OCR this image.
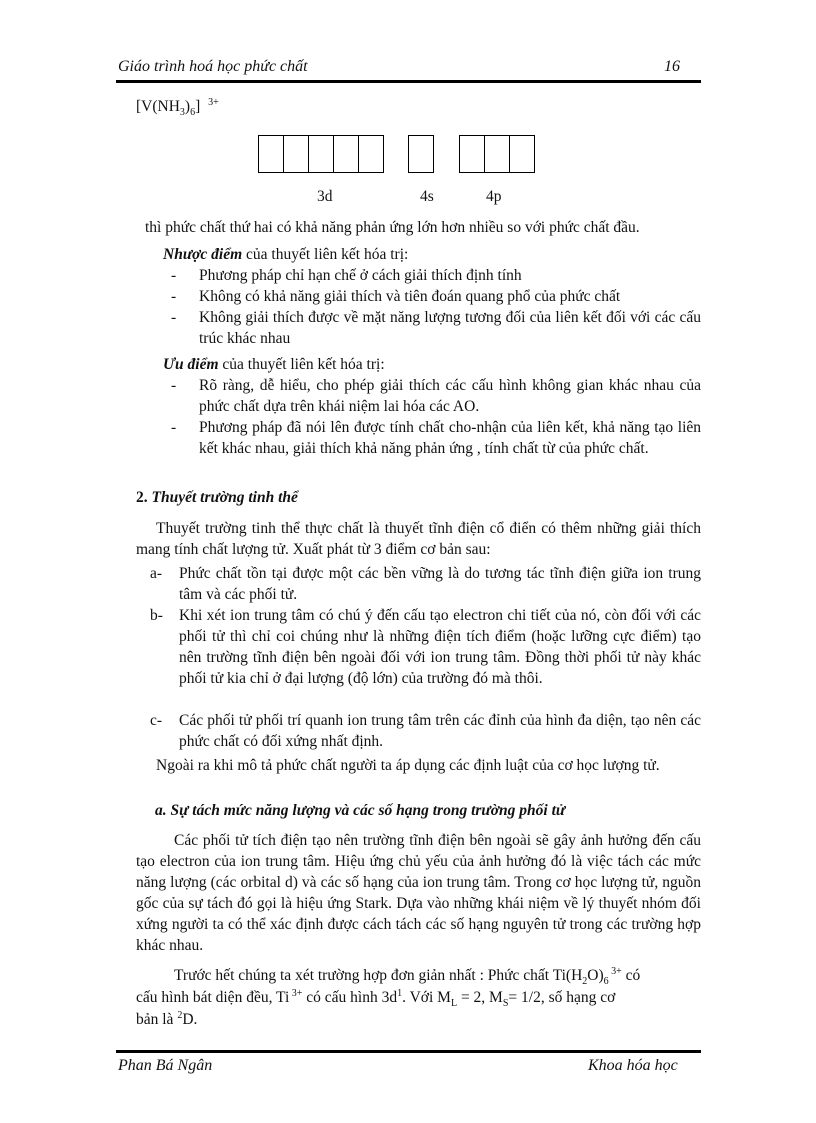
Giáo trình hoá học phức chất	16
$[V(NH_3)_6]$ $^{3+}$
3d	4s	4p
thì phức chất thứ hai có khả năng phản ứng lớn hơn nhiều so với phức chất đầu.
Nhược điểm của thuyết liên kết hóa trị:
- Phương pháp chỉ hạn chế ở cách giải thích định tính
- Không có khả năng giải thích và tiên đoán quang phổ của phức chất
- Không giải thích được về mặt năng lượng tương đối của liên kết đối với các cấu trúc khác nhau
Ưu điểm của thuyết liên kết hóa trị:
- Rõ ràng, dễ hiểu, cho phép giải thích các cấu hình không gian khác nhau của phức chất dựa trên khái niệm lai hóa các AO.
- Phương pháp đã nói lên được tính chất cho-nhận của liên kết, khả năng tạo liên kết khác nhau, giải thích khả năng phản ứng , tính chất từ của phức chất.
2. Thuyết trường tinh thể
Thuyết trường tinh thể thực chất là thuyết tĩnh điện cổ điển có thêm những giải thích mang tính chất lượng tử. Xuất phát từ 3 điểm cơ bản sau:
a- Phức chất tồn tại được một các bền vững là do tương tác tĩnh điện giữa ion trung tâm và các phối tử.
b- Khi xét ion trung tâm có chú ý đến cấu tạo electron chi tiết của nó, còn đối với các phối tử thì chỉ coi chúng như là những điện tích điểm (hoặc lưỡng cực điểm) tạo nên trường tĩnh điện bên ngoài đối với ion trung tâm. Đồng thời phối tử này khác phối tử kia chỉ ở đại lượng (độ lớn) của trường đó mà thôi.
c- Các phối tử phối trí quanh ion trung tâm trên các đỉnh của hình đa diện, tạo nên các phức chất có đối xứng nhất định.
Ngoài ra khi mô tả phức chất người ta áp dụng các định luật của cơ học lượng tử.
a. Sự tách mức năng lượng và các số hạng trong trường phối tử
Các phối tử tích điện tạo nên trường tĩnh điện bên ngoài sẽ gây ảnh hưởng đến cấu tạo electron của ion trung tâm. Hiệu ứng chủ yếu của ảnh hưởng đó là việc tách các mức năng lượng (các orbital d) và các số hạng của ion trung tâm. Trong cơ học lượng tử, nguồn gốc của sự tách đó gọi là hiệu ứng Stark. Dựa vào những khái niệm về lý thuyết nhóm đối xứng người ta có thể xác định được cách tách các số hạng nguyên tử trong các trường hợp khác nhau.
Trước hết chúng ta xét trường hợp đơn giản nhất : Phức chất $Ti(H_2O)_6$ $^{3+}$ có
cấu hình bát diện đều, Ti $^{3+}$ có cấu hình $3d^1$. Với $M_L = 2$, $M_S= 1/2$, số hạng cơ
bản là $^2$D.
Phan Bá Ngân	Khoa hóa học
